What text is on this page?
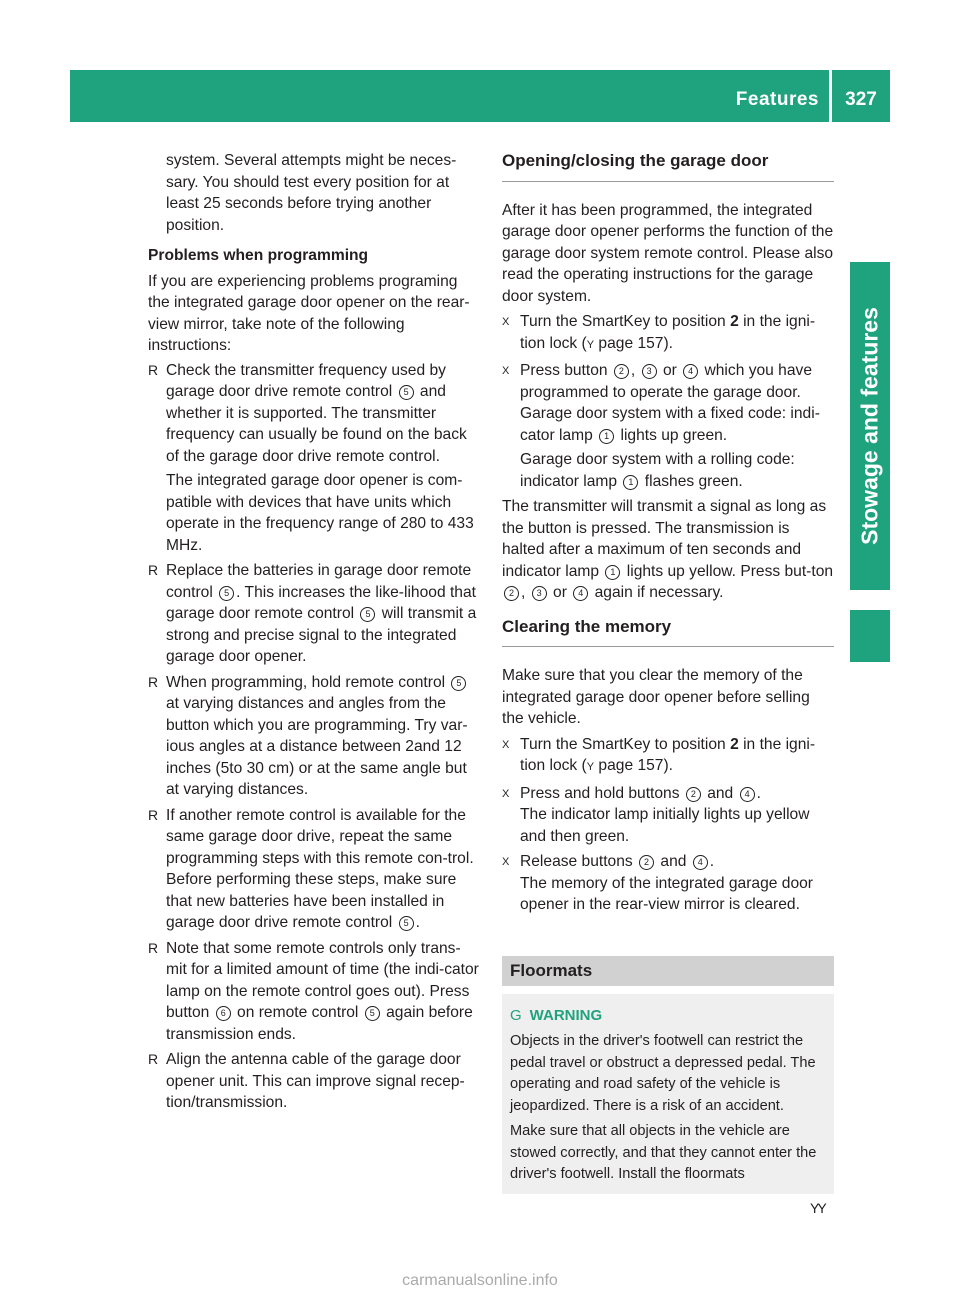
Features	327
Stowage and features

system. Several attempts might be neces-sary. You should test every position for at least 25 seconds before trying another position.

Problems when programming

If you are experiencing problems programing the integrated garage door opener on the rear-view mirror, take note of the following instructions:

R Check the transmitter frequency used by garage door drive remote control 5 and whether it is supported. The transmitter frequency can usually be found on the back of the garage door drive remote control.

The integrated garage door opener is com-patible with devices that have units which operate in the frequency range of 280 to 433 MHz.

R Replace the batteries in garage door remote control 5 . This increases the like-lihood that garage door remote control 5 will transmit a strong and precise signal to the integrated garage door opener.

R When programming, hold remote control 5 at varying distances and angles from the button which you are programming. Try var-ious angles at a distance between 2and 12 inches (5to 30 cm) or at the same angle but at varying distances.

R If another remote control is available for the same garage door drive, repeat the same programming steps with this remote con-trol. Before performing these steps, make sure that new batteries have been installed in garage door drive remote control 5 .

R Note that some remote controls only trans-mit for a limited amount of time (the indi-cator lamp on the remote control goes out). Press button 6 on remote control 5 again before transmission ends.

R Align the antenna cable of the garage door opener unit. This can improve signal recep-tion/transmission.

Opening/closing the garage door

After it has been programmed, the integrated garage door opener performs the function of the garage door system remote control. Please also read the operating instructions for the garage door system.

X Turn the SmartKey to position 2 in the igni-tion lock (Y page 157).

X Press button 2 , 3 or 4 which you have programmed to operate the garage door.

Garage door system with a fixed code: indi-cator lamp 1 lights up green.

Garage door system with a rolling code: indicator lamp 1 flashes green.

The transmitter will transmit a signal as long as the button is pressed. The transmission is halted after a maximum of ten seconds and indicator lamp 1 lights up yellow. Press but-ton 2 , 3 or 4 again if necessary.

Clearing the memory

Make sure that you clear the memory of the integrated garage door opener before selling the vehicle.

X Turn the SmartKey to position 2 in the igni-tion lock (Y page 157).

X Press and hold buttons 2 and 4 .

The indicator lamp initially lights up yellow and then green.

X Release buttons 2 and 4 .

The memory of the integrated garage door opener in the rear-view mirror is cleared.

Floormats

G WARNING

Objects in the driver's footwell can restrict the pedal travel or obstruct a depressed pedal. The operating and road safety of the vehicle is jeopardized. There is a risk of an accident.

Make sure that all objects in the vehicle are stowed correctly, and that they cannot enter the driver's footwell. Install the floormats

YY
carmanualsonline.info
